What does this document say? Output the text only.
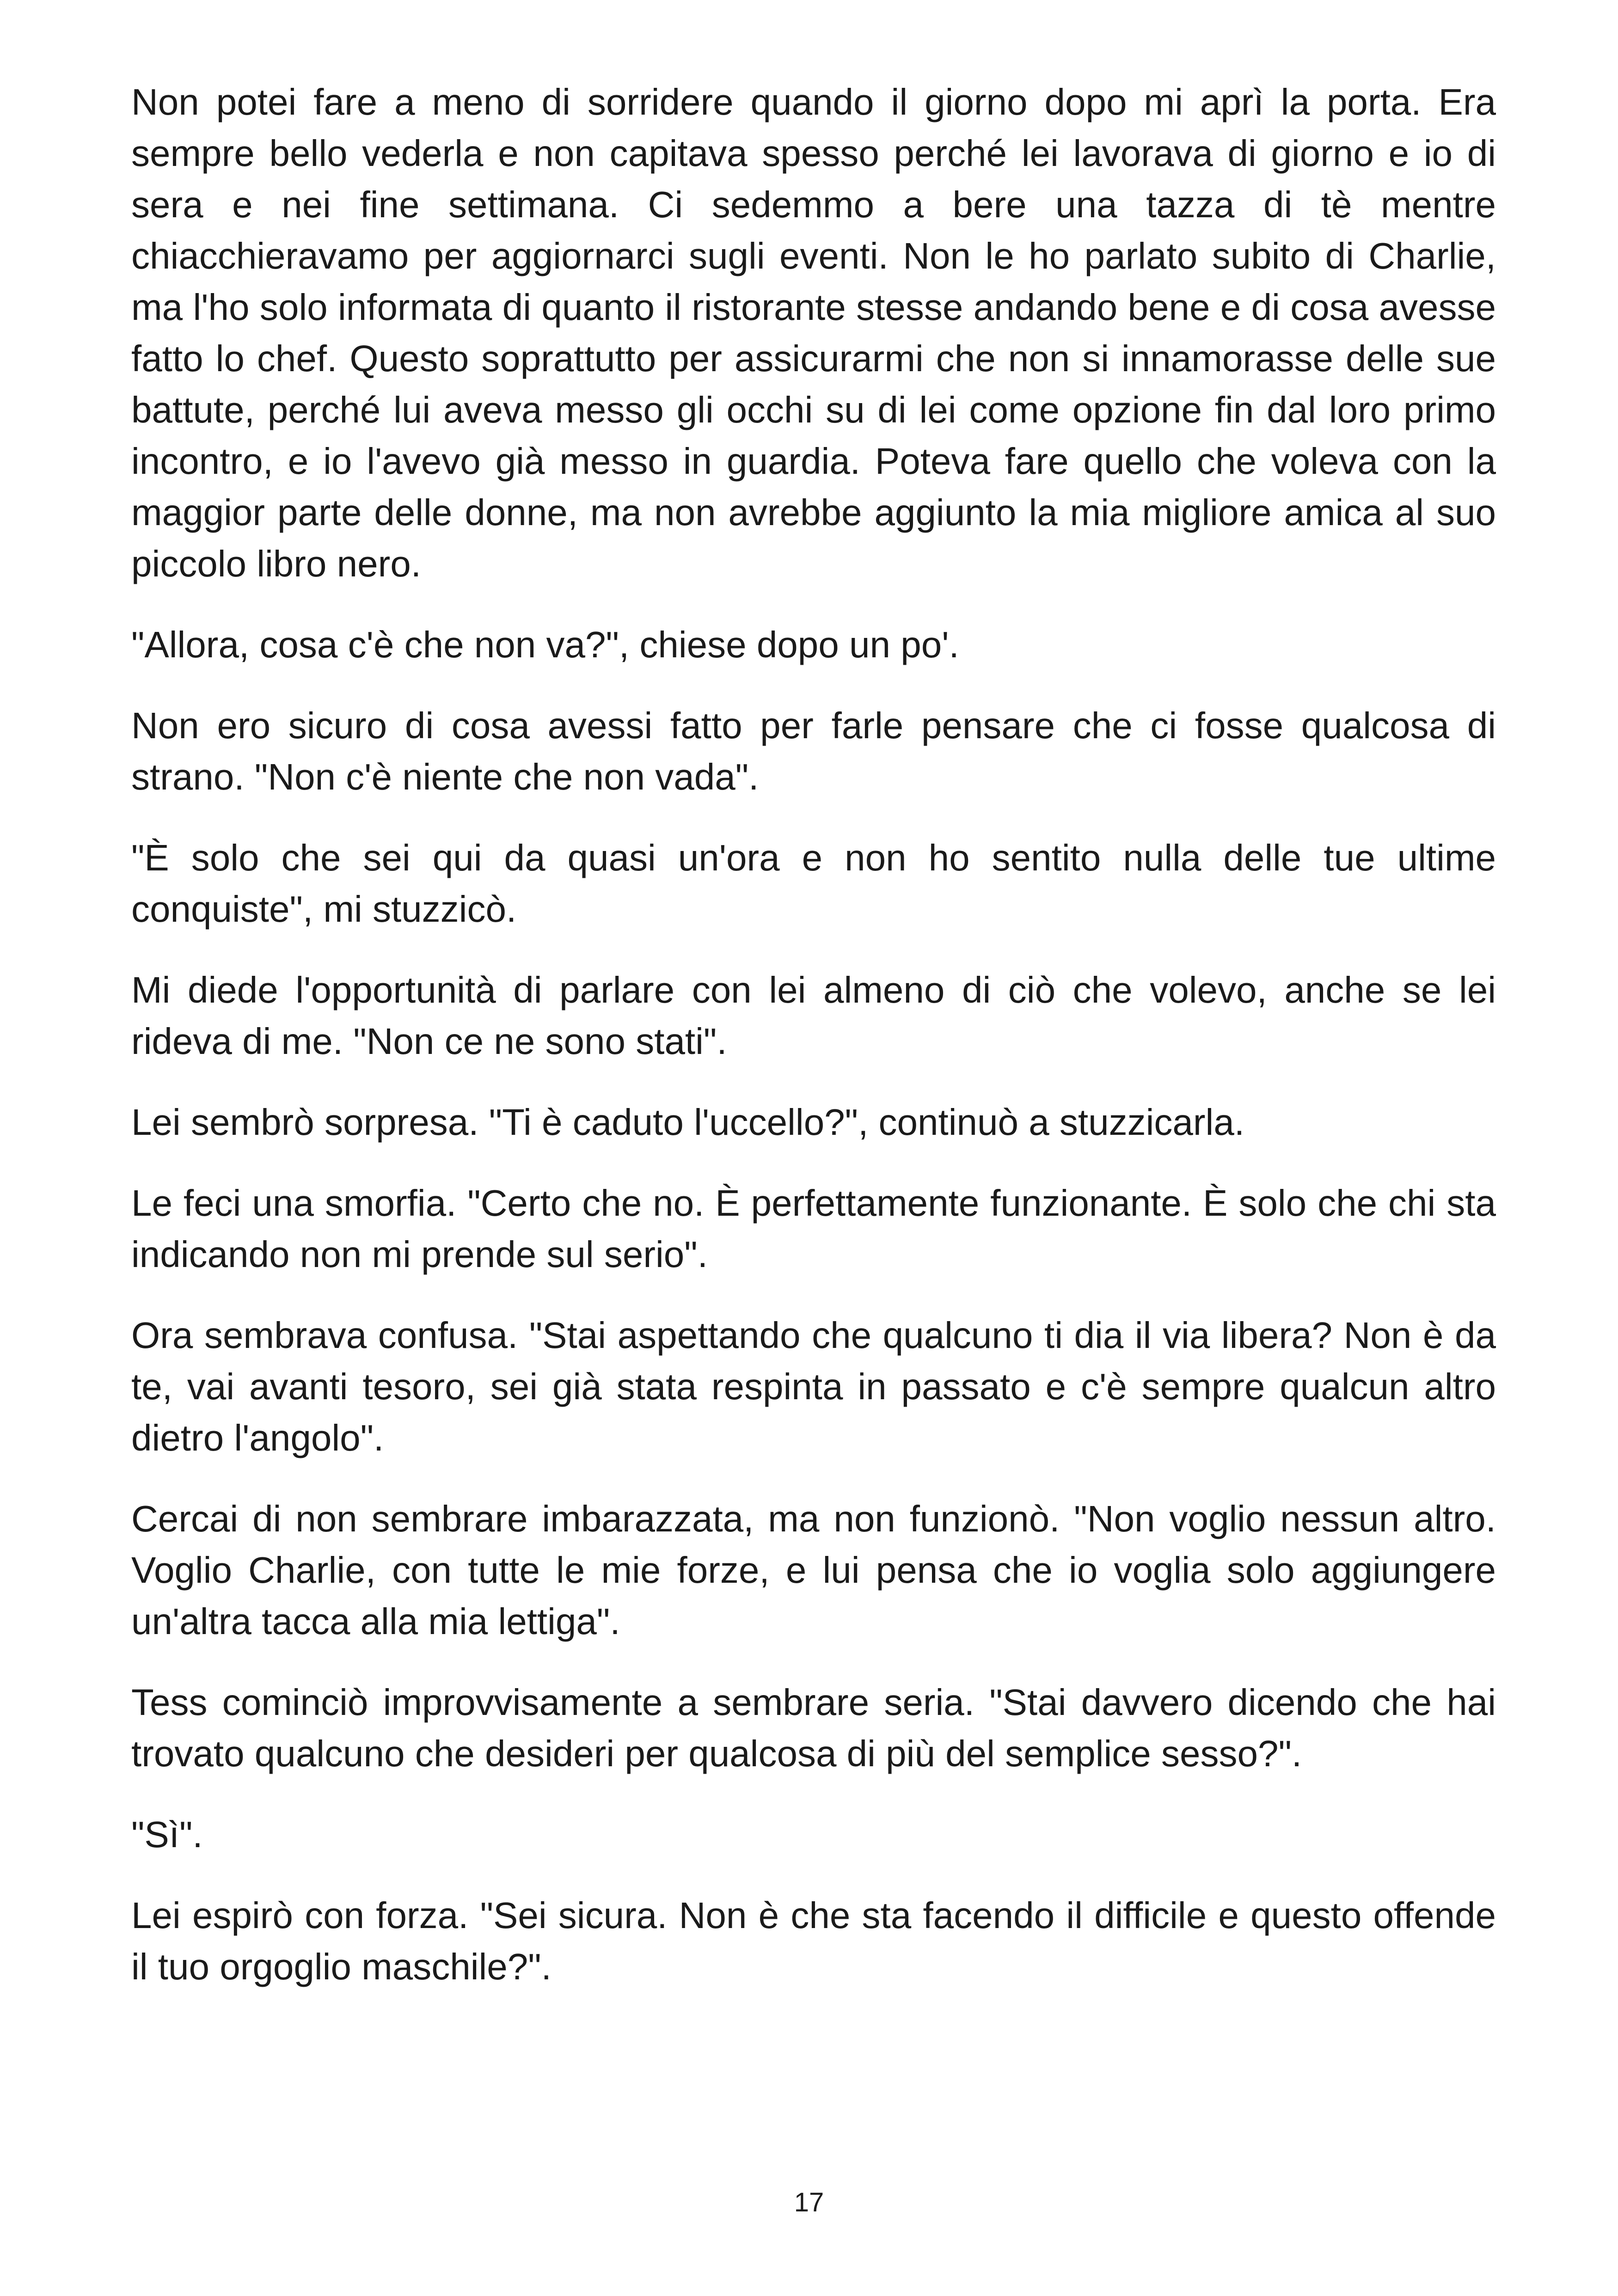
Non potei fare a meno di sorridere quando il giorno dopo mi aprì la porta. Era sempre bello vederla e non capitava spesso perché lei lavorava di giorno e io di sera e nei fine settimana. Ci sedemmo a bere una tazza di tè mentre chiacchieravamo per aggiornarci sugli eventi. Non le ho parlato subito di Charlie, ma l'ho solo informata di quanto il ristorante stesse andando bene e di cosa avesse fatto lo chef. Questo soprattutto per assicurarmi che non si innamorasse delle sue battute, perché lui aveva messo gli occhi su di lei come opzione fin dal loro primo incontro, e io l'avevo già messo in guardia. Poteva fare quello che voleva con la maggior parte delle donne, ma non avrebbe aggiunto la mia migliore amica al suo piccolo libro nero.

"Allora, cosa c'è che non va?", chiese dopo un po'.

Non ero sicuro di cosa avessi fatto per farle pensare che ci fosse qualcosa di strano. "Non c'è niente che non vada".

"È solo che sei qui da quasi un'ora e non ho sentito nulla delle tue ultime conquiste", mi stuzzicò.

Mi diede l'opportunità di parlare con lei almeno di ciò che volevo, anche se lei rideva di me. "Non ce ne sono stati".

Lei sembrò sorpresa. "Ti è caduto l'uccello?", continuò a stuzzicarla.

Le feci una smorfia. "Certo che no. È perfettamente funzionante. È solo che chi sta indicando non mi prende sul serio".

Ora sembrava confusa. "Stai aspettando che qualcuno ti dia il via libera? Non è da te, vai avanti tesoro, sei già stata respinta in passato e c'è sempre qualcun altro dietro l'angolo".

Cercai di non sembrare imbarazzata, ma non funzionò. "Non voglio nessun altro. Voglio Charlie, con tutte le mie forze, e lui pensa che io voglia solo aggiungere un'altra tacca alla mia lettiga".

Tess cominciò improvvisamente a sembrare seria. "Stai davvero dicendo che hai trovato qualcuno che desideri per qualcosa di più del semplice sesso?".

"Sì".

Lei espirò con forza. "Sei sicura. Non è che sta facendo il difficile e questo offende il tuo orgoglio maschile?".

17
